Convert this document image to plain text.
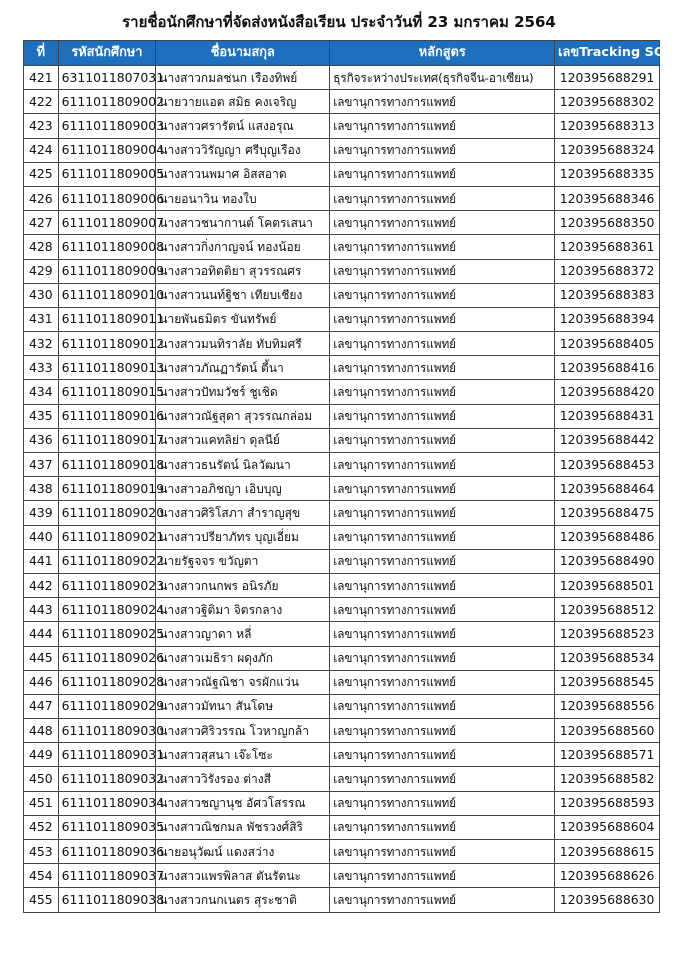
รายชื่อนักศึกษาที่จัดส่งหนังสือเรียน ประจำวันที่ 23 มกราคม 2564
ที่	รหัสนักศึกษา	ชื่อนามสกุล	หลักสูตร	เลขTracking SCG
421	6311011807031	นางสาวกมลชนก เรืองทิพย์	ธุรกิจระหว่างประเทศ(ธุรกิจจีน-อาเซียน)	120395688291
422	6111011809002	นายวายแอต สมิธ คงเจริญ	เลขานุการทางการแพทย์	120395688302
423	6111011809003	นางสาวศรารัตน์ แสงอรุณ	เลขานุการทางการแพทย์	120395688313
424	6111011809004	นางสาววิรัญญา ศรีบุญเรือง	เลขานุการทางการแพทย์	120395688324
425	6111011809005	นางสาวนพมาศ อิสสอาด	เลขานุการทางการแพทย์	120395688335
426	6111011809006	นายอนาวิน ทองใบ	เลขานุการทางการแพทย์	120395688346
427	6111011809007	นางสาวชนากานต์ โคตรเสนา	เลขานุการทางการแพทย์	120395688350
428	6111011809008	นางสาวกิ่งกาญจน์ ทองน้อย	เลขานุการทางการแพทย์	120395688361
429	6111011809009	นางสาวอทิตติยา สุวรรณศร	เลขานุการทางการแพทย์	120395688372
430	6111011809010	นางสาวนนท์ฐิชา เทียบเชียง	เลขานุการทางการแพทย์	120395688383
431	6111011809011	นายพันธมิตร ขันทรัพย์	เลขานุการทางการแพทย์	120395688394
432	6111011809012	นางสาวมนทิราลัย ทับทิมศรี	เลขานุการทางการแพทย์	120395688405
433	6111011809013	นางสาวภัณฏารัตน์ ตี้นา	เลขานุการทางการแพทย์	120395688416
434	6111011809015	นางสาวปัทมวัชร์ ชูเชิด	เลขานุการทางการแพทย์	120395688420
435	6111011809016	นางสาวณัฐสุดา สุวรรณกล่อม	เลขานุการทางการแพทย์	120395688431
436	6111011809017	นางสาวแคทลิย่า ดุลนีย์	เลขานุการทางการแพทย์	120395688442
437	6111011809018	นางสาวธนรัตน์ นิลวัฒนา	เลขานุการทางการแพทย์	120395688453
438	6111011809019	นางสาวอภิชญา เอิบบุญ	เลขานุการทางการแพทย์	120395688464
439	6111011809020	นางสาวศิริโสภา สำราญสุข	เลขานุการทางการแพทย์	120395688475
440	6111011809021	นางสาวปรียาภัทร บุญเอี่ยม	เลขานุการทางการแพทย์	120395688486
441	6111011809022	นายรัฐจจร ขวัญตา	เลขานุการทางการแพทย์	120395688490
442	6111011809023	นางสาวกนกพร อนิรภัย	เลขานุการทางการแพทย์	120395688501
443	6111011809024	นางสาวฐิติมา จิตรกลาง	เลขานุการทางการแพทย์	120395688512
444	6111011809025	นางสาวญาดา หลี่	เลขานุการทางการแพทย์	120395688523
445	6111011809026	นางสาวเมธิรา ผดุงภัก	เลขานุการทางการแพทย์	120395688534
446	6111011809028	นางสาวณัฐณิชา จรผักแว่น	เลขานุการทางการแพทย์	120395688545
447	6111011809029	นางสาวมัทนา สันโดษ	เลขานุการทางการแพทย์	120395688556
448	6111011809030	นางสาวศิริวรรณ โวหาญกล้า	เลขานุการทางการแพทย์	120395688560
449	6111011809031	นางสาวสุสนา เจ๊ะโซะ	เลขานุการทางการแพทย์	120395688571
450	6111011809032	นางสาววิรังรอง ต่างสี	เลขานุการทางการแพทย์	120395688582
451	6111011809034	นางสาวชญานุช อัศวโสรรณ	เลขานุการทางการแพทย์	120395688593
452	6111011809035	นางสาวณิชกมล พัชรวงศ์สิริ	เลขานุการทางการแพทย์	120395688604
453	6111011809036	นายอนุวัฒน์ แดงสว่าง	เลขานุการทางการแพทย์	120395688615
454	6111011809037	นางสาวแพรพิลาส ตันรัตนะ	เลขานุการทางการแพทย์	120395688626
455	6111011809038	นางสาวกนกเนตร สุระชาติ	เลขานุการทางการแพทย์	120395688630
